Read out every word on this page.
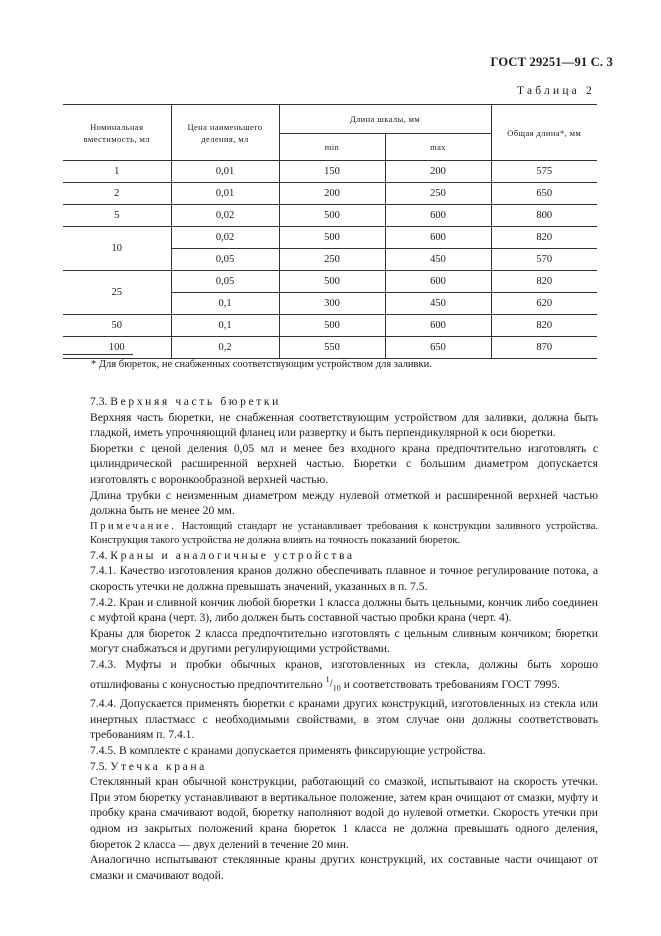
ГОСТ 29251—91 С. 3
Таблица 2
Номинальная вместимость, мл	Цена наименьшего деления, мл	Длина шкалы, мм		Общая длина*, мм
		min	max	
1	0,01	150	200	575
2	0,01	200	250	650
5	0,02	500	600	800
10	0,02	500	600	820
	0,05	250	450	570
25	0,05	500	600	820
	0,1	300	450	620
50	0,1	500	600	820
100	0,2	550	650	870
* Для бюреток, не снабженных соответствующим устройством для заливки.

7.3. Верхняя часть бюретки

Верхняя часть бюретки, не снабженная соответствующим устройством для заливки, должна быть гладкой, иметь упрочняющий фланец или развертку и быть перпендикулярной к оси бюретки.

Бюретки с ценой деления 0,05 мл и менее без входного крана предпочтительно изготовлять с цилиндрической расширенной верхней частью. Бюретки с большим диаметром допускается изготовлять с воронкообразной верхней частью.

Длина трубки с неизменным диаметром между нулевой отметкой и расширенной верхней частью должна быть не менее 20 мм.

Примечание. Настоящий стандарт не устанавливает требования к конструкции заливного устройства. Конструкция такого устройства не должна влиять на точность показаний бюреток.

7.4. Краны и аналогичные устройства

7.4.1. Качество изготовления кранов должно обеспечивать плавное и точное регулирование потока, а скорость утечки не должна превышать значений, указанных в п. 7.5.

7.4.2. Кран и сливной кончик любой бюретки 1 класса должны быть цельными, кончик либо соединен с муфтой крана (черт. 3), либо должен быть составной частью пробки крана (черт. 4).

Краны для бюреток 2 класса предпочтительно изготовлять с цельным сливным кончиком; бюретки могут снабжаться и другими регулирующими устройствами.

7.4.3. Муфты и пробки обычных кранов, изготовленных из стекла, должны быть хорошо отшлифованы с конусностью предпочтительно $^1/_{10}$ и соответствовать требованиям ГОСТ 7995.

7.4.4. Допускается применять бюретки с кранами других конструкций, изготовленных из стекла или инертных пластмасс с необходимыми свойствами, в этом случае они должны соответствовать требованиям п. 7.4.1.

7.4.5. В комплекте с кранами допускается применять фиксирующие устройства.

7.5. Утечка крана

Стеклянный кран обычной конструкции, работающий со смазкой, испытывают на скорость утечки. При этом бюретку устанавливают в вертикальное положение, затем кран очищают от смазки, муфту и пробку крана смачивают водой, бюретку наполняют водой до нулевой отметки. Скорость утечки при одном из закрытых положений крана бюреток 1 класса не должна превышать одного деления, бюреток 2 класса — двух делений в течение 20 мин.

Аналогично испытывают стеклянные краны других конструкций, их составные части очищают от смазки и смачивают водой.
